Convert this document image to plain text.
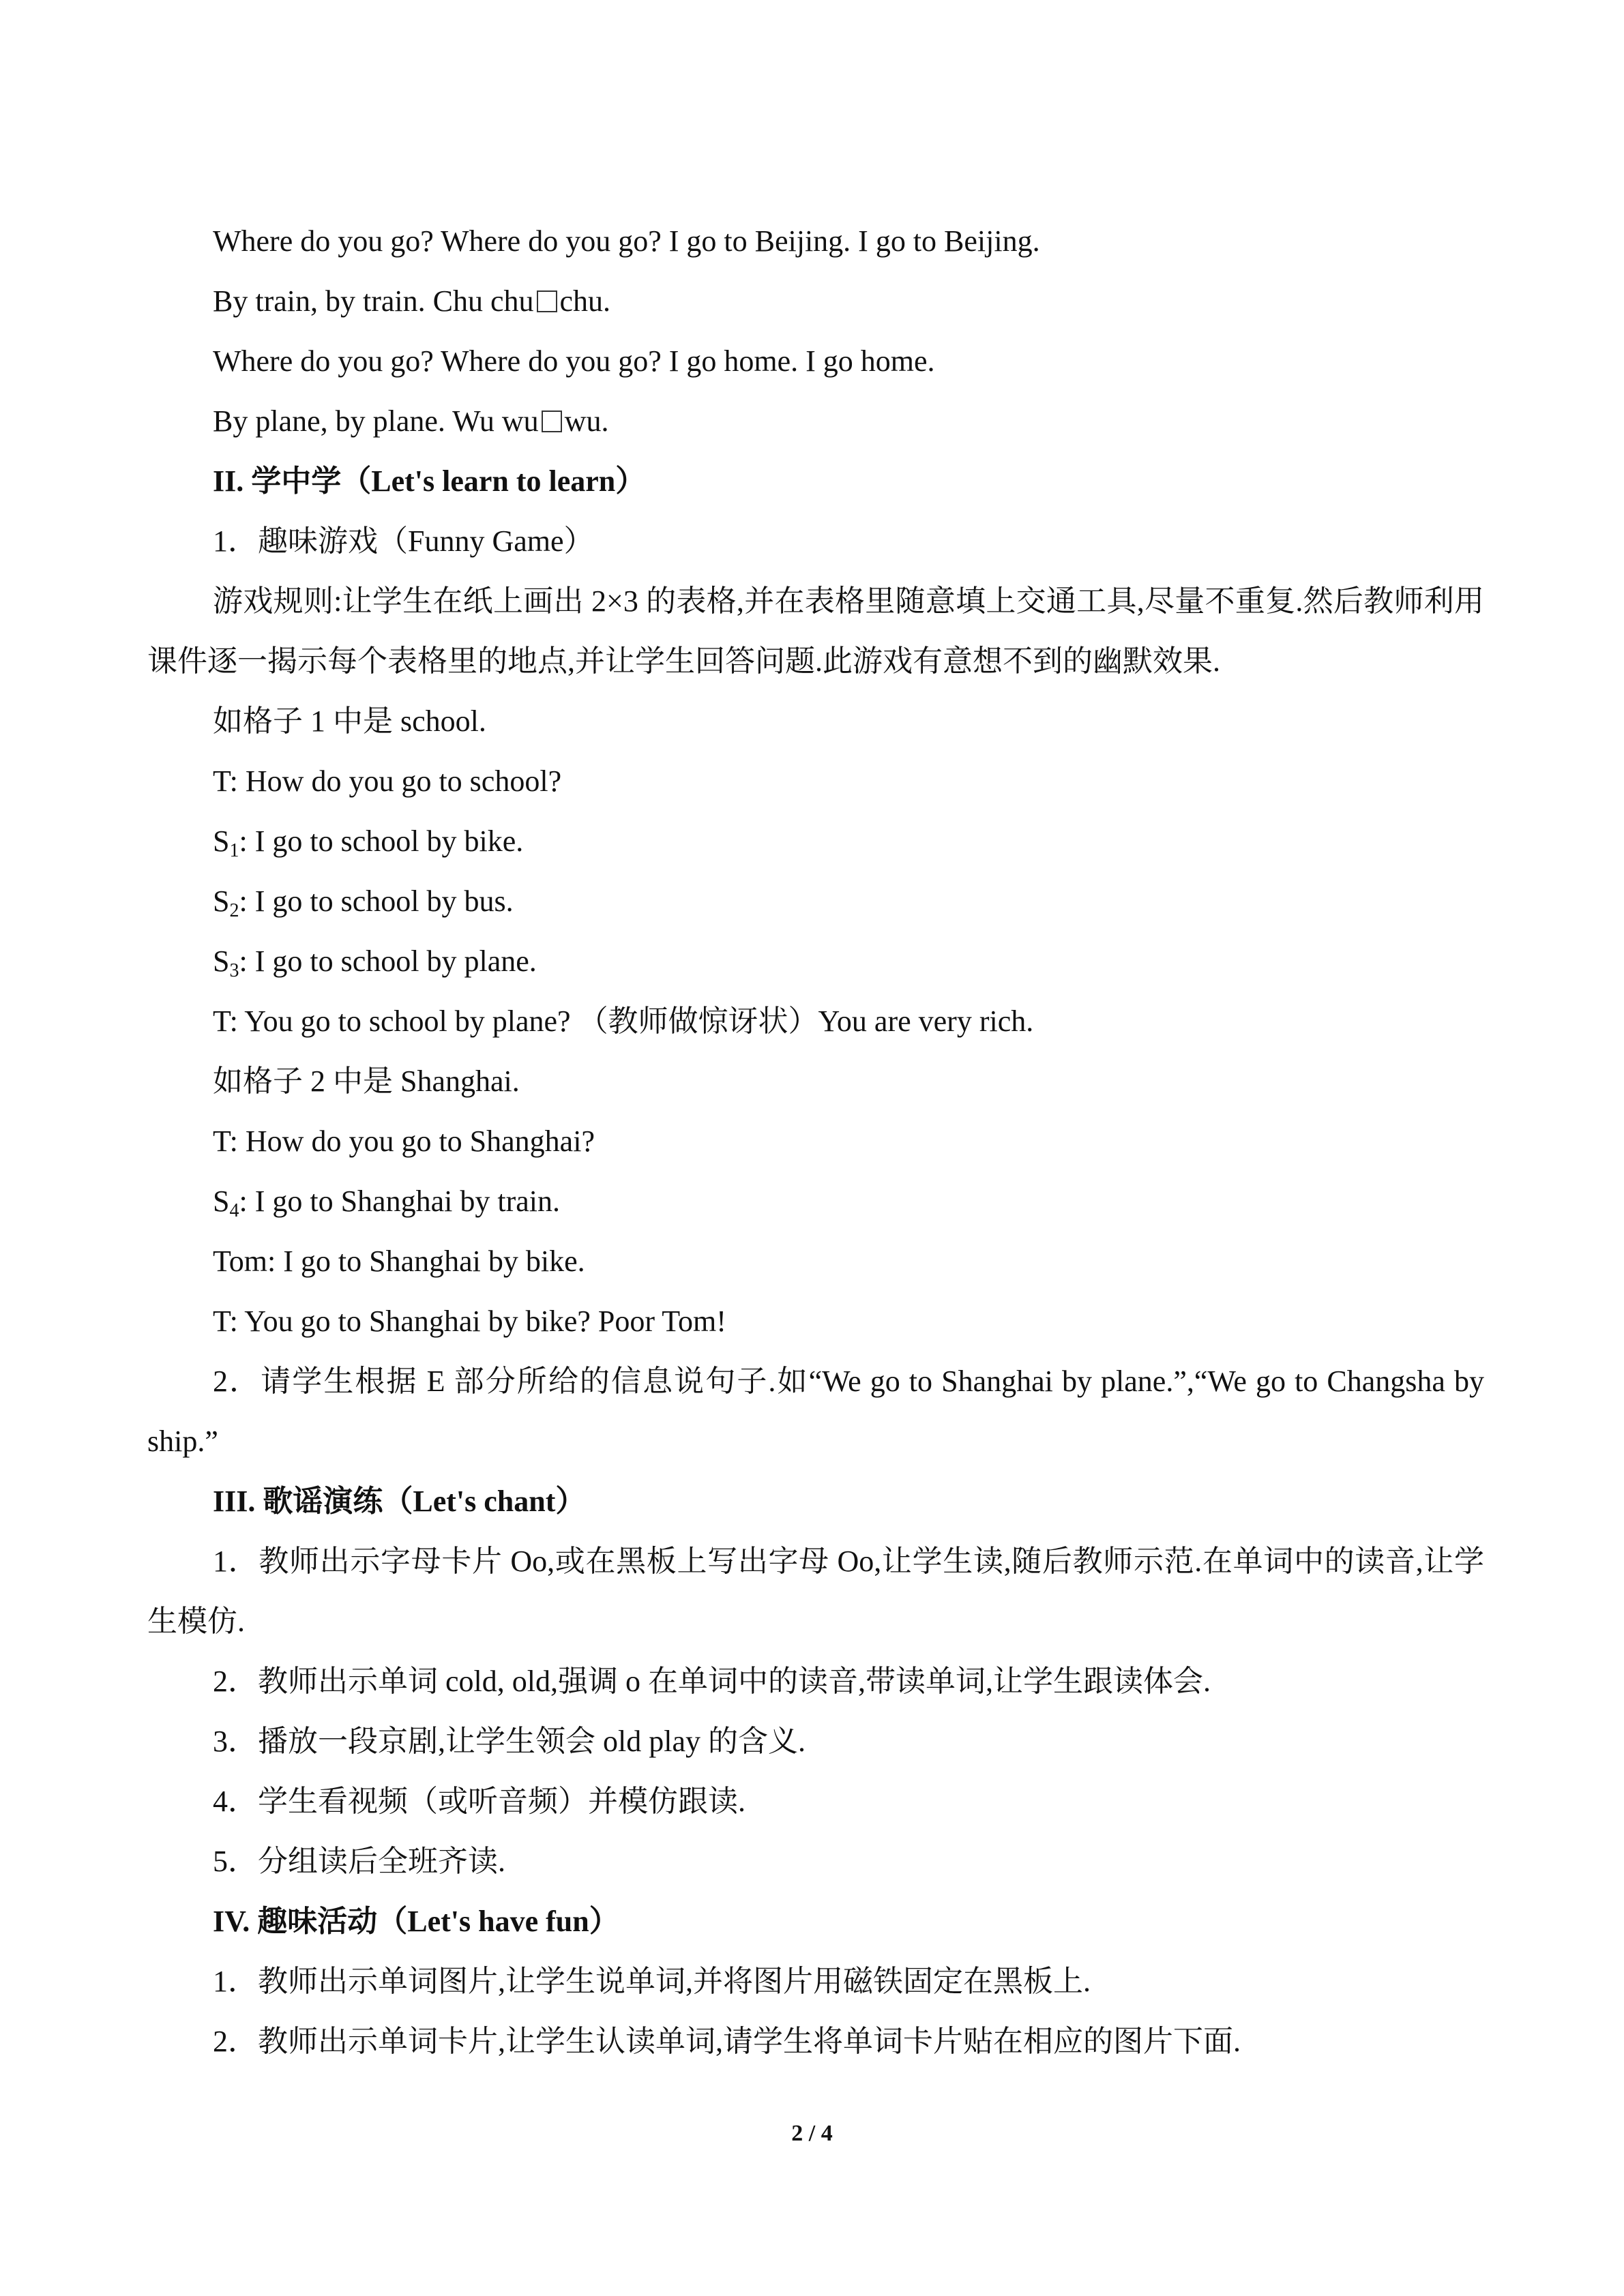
Where do you go? Where do you go? I go to Beijing. I go to Beijing.

By train, by train. Chu chu chu.

Where do you go? Where do you go? I go home. I go home.

By plane, by plane. Wu wu wu.

II. 学中学（Let's learn to learn）

1．趣味游戏（Funny Game）

游戏规则:让学生在纸上画出 2×3 的表格,并在表格里随意填上交通工具,尽量不重复.然后教师利用课件逐一揭示每个表格里的地点,并让学生回答问题.此游戏有意想不到的幽默效果.

如格子 1 中是 school.

T: How do you go to school?

$S_1$: I go to school by bike.

$S_2$: I go to school by bus.

$S_3$: I go to school by plane.

T: You go to school by plane? （教师做惊讶状）You are very rich.

如格子 2 中是 Shanghai.

T: How do you go to Shanghai?

$S_4$: I go to Shanghai by train.

Tom: I go to Shanghai by bike.

T: You go to Shanghai by bike? Poor Tom!

2．请学生根据 E 部分所给的信息说句子.如“We go to Shanghai by plane.”,“We go to Changsha by ship.”

III. 歌谣演练（Let's chant）

1．教师出示字母卡片 Oo,或在黑板上写出字母 Oo,让学生读,随后教师示范.在单词中的读音,让学生模仿.

2．教师出示单词 cold, old,强调 o 在单词中的读音,带读单词,让学生跟读体会.

3．播放一段京剧,让学生领会 old play 的含义.

4．学生看视频（或听音频）并模仿跟读.

5．分组读后全班齐读.

IV. 趣味活动（Let's have fun）

1．教师出示单词图片,让学生说单词,并将图片用磁铁固定在黑板上.

2．教师出示单词卡片,让学生认读单词,请学生将单词卡片贴在相应的图片下面.

2 / 4
